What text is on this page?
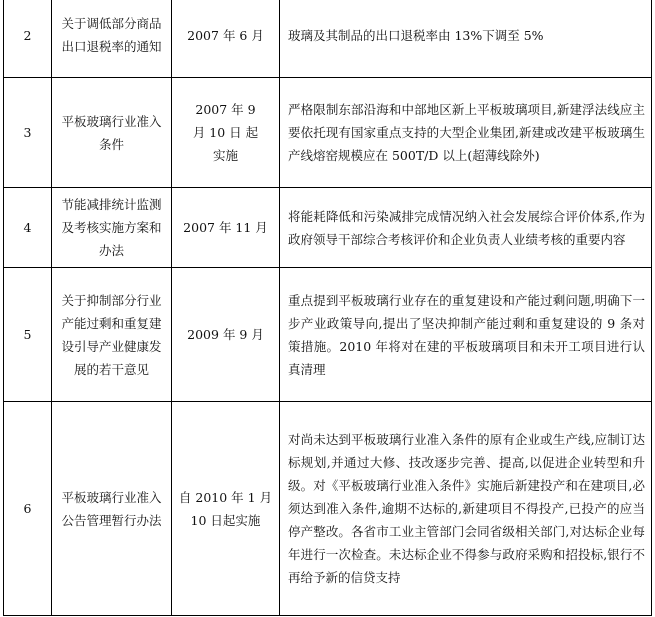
2	关于调低部分商品出口退税率的通知	2007 年 6 月	玻璃及其制品的出口退税率由 13%下调至 5%

3	平板玻璃行业准入条件	2007 年 9 月 10 日 起实施	严格限制东部沿海和中部地区新上平板玻璃项目,新建浮法线应主要依托现有国家重点支持的大型企业集团,新建或改建平板玻璃生产线熔窑规模应在 500T/D 以上(超薄线除外)

4	节能减排统计监测及考核实施方案和办法	2007 年 11 月	将能耗降低和污染减排完成情况纳入社会发展综合评价体系,作为政府领导干部综合考核评价和企业负责人业绩考核的重要内容

5	关于抑制部分行业产能过剩和重复建设引导产业健康发展的若干意见	2009 年 9 月	重点提到平板玻璃行业存在的重复建设和产能过剩问题,明确下一步产业政策导向,提出了坚决抑制产能过剩和重复建设的 9 条对策措施。2010 年将对在建的平板玻璃项目和未开工项目进行认真清理

6	平板玻璃行业准入公告管理暂行办法	自 2010 年 1 月 10 日起实施	对尚未达到平板玻璃行业准入条件的原有企业或生产线,应制订达标规划,并通过大修、技改逐步完善、提高,以促进企业转型和升级。对《平板玻璃行业准入条件》实施后新建投产和在建项目,必须达到准入条件,逾期不达标的,新建项目不得投产,已投产的应当停产整改。各省市工业主管部门会同省级相关部门,对达标企业每年进行一次检查。未达标企业不得参与政府采购和招投标,银行不再给予新的信贷支持
